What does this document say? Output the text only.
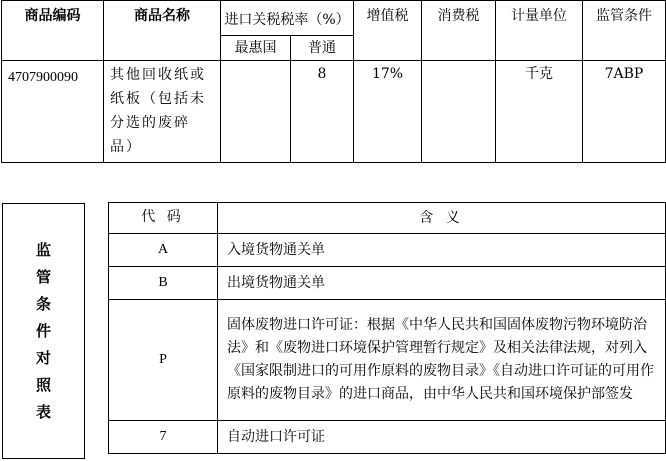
商品编码	商品名称	进口关税税率（%）		增值税	消费税	计量单位	监管条件
		最惠国	普通				
4707900090	其他回收纸或纸板（包括未分选的废碎品）		8	17%		千克	7ABP
监管条件对照表
代 码	含 义
A	入境货物通关单
B	出境货物通关单
P	固体废物进口许可证：根据《中华人民共和国固体废物污物环境防治法》和《废物进口环境保护管理暂行规定》及相关法律法规，对列入《国家限制进口的可用作原料的废物目录》《自动进口许可证的可用作原料的废物目录》的进口商品，由中华人民共和国环境保护部签发
7	自动进口许可证
